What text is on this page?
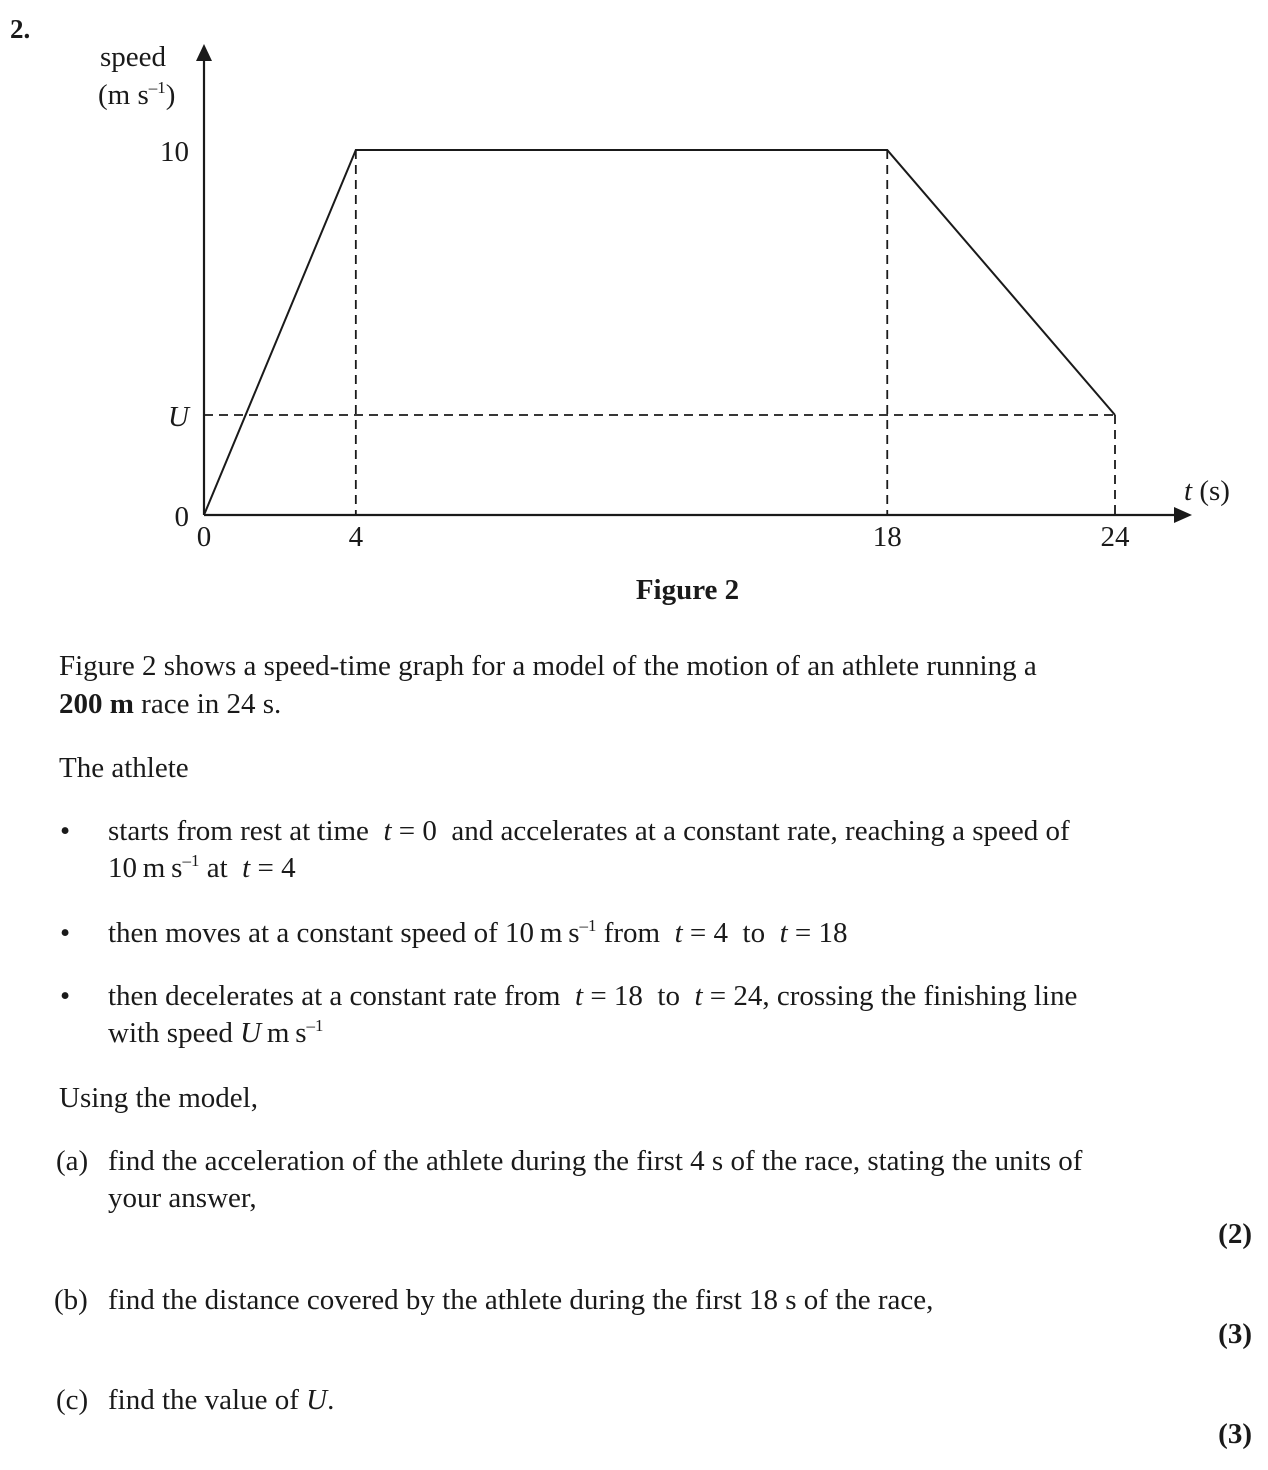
2.
0	4	18	24
0
U
10
speed
(m $s^{-1}$)
t (s)
Figure 2
Figure 2 shows a speed-time graph for a model of the motion of an athlete running a
200 m race in 24 s.
The athlete
• starts from rest at time  t = 0  and accelerates at a constant rate, reaching a speed of
10 m $s^{-1}$ at  t = 4
• then moves at a constant speed of 10 m $s^{-1}$ from  t = 4  to  t = 18
• then decelerates at a constant rate from  t = 18  to  t = 24, crossing the finishing line
with speed U m $s^{-1}$
Using the model,
(a) find the acceleration of the athlete during the first 4 s of the race, stating the units of
your answer,
(2)
(b) find the distance covered by the athlete during the first 18 s of the race,
(3)
(c) find the value of U.
(3)
